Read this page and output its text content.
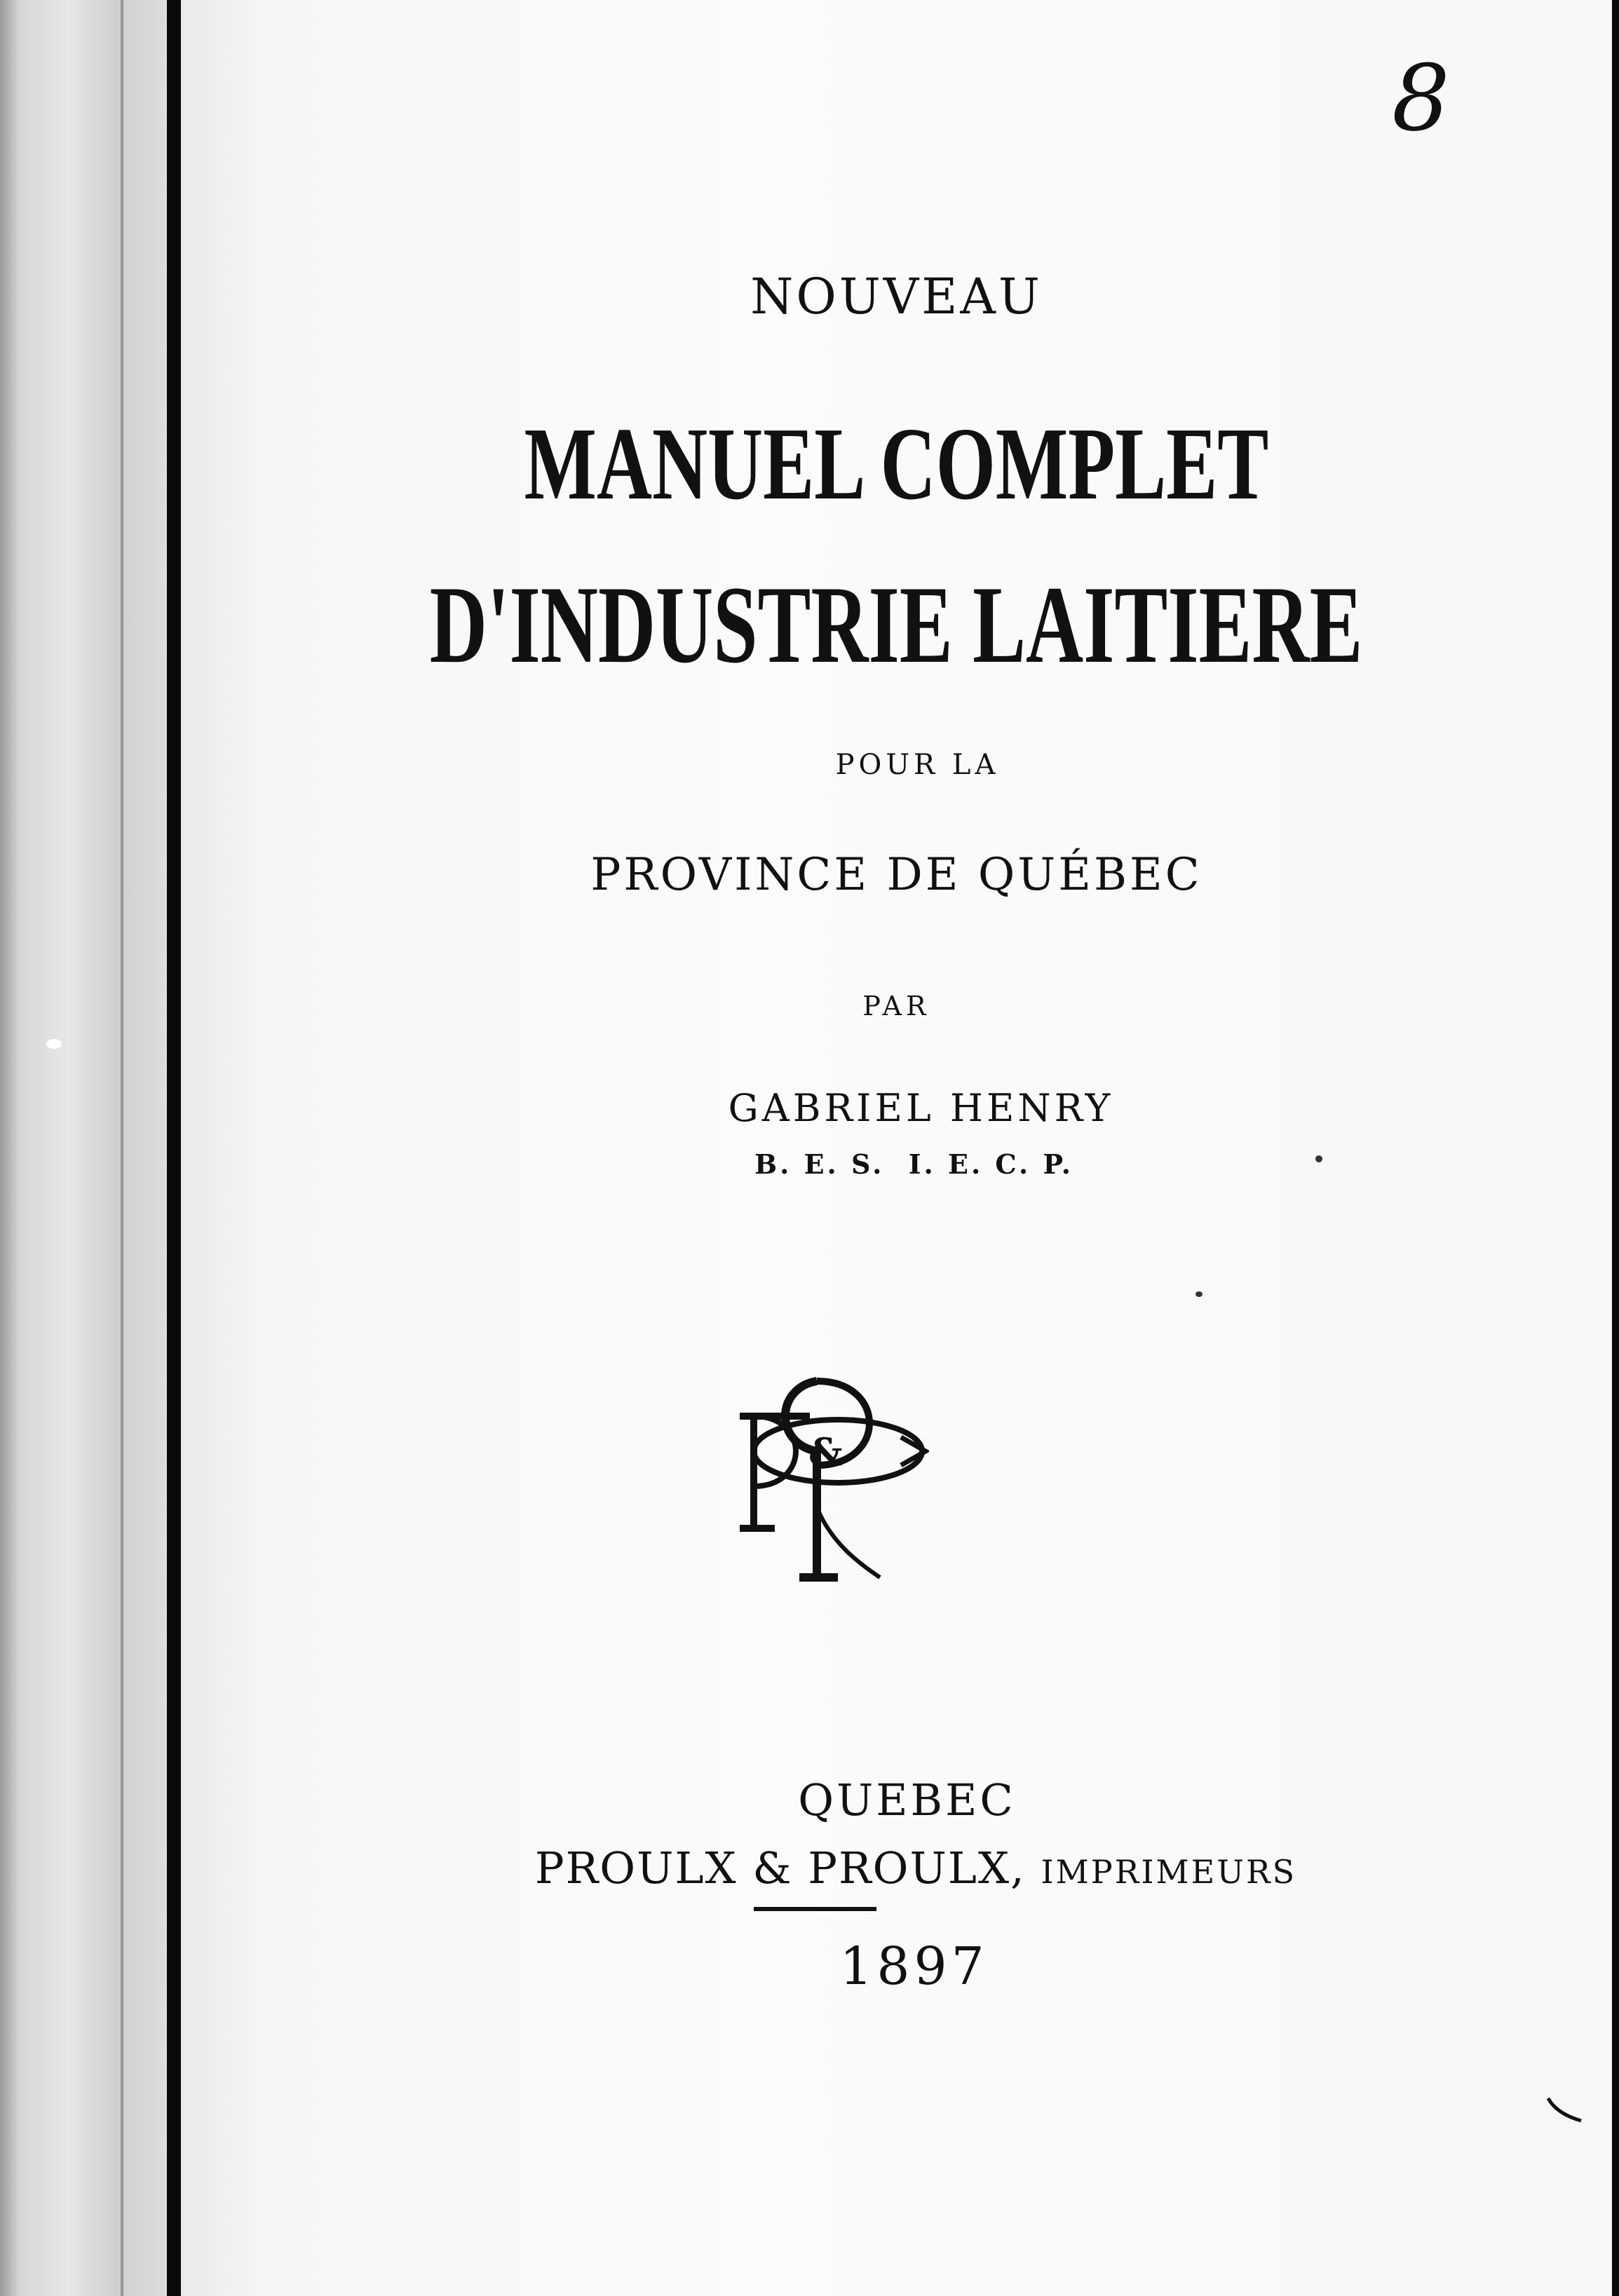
8
NOUVEAU
MANUEL COMPLET
D'INDUSTRIE LAITIERE
POUR LA
PROVINCE DE QUÉBEC
PAR
GABRIEL HENRY
B. E. S.  I. E. C. P.
&
QUEBEC
PROULX & PROULX, IMPRIMEURS
1897
